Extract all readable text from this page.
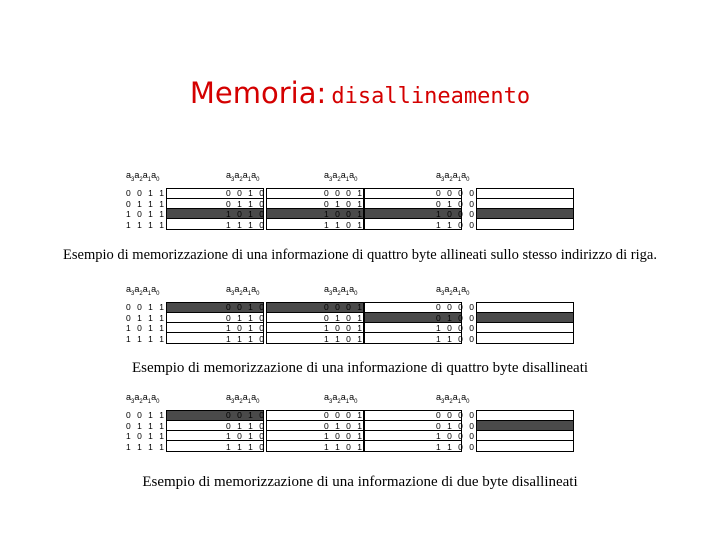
Memoria: disallineamento
$a_3a_2a_1a_0$
0 0 1 1
0 1 1 1
1 0 1 1
1 1 1 1
$a_3a_2a_1a_0$
0 0 1 0
0 1 1 0
1 0 1 0
1 1 1 0
$a_3a_2a_1a_0$
0 0 0 1
0 1 0 1
1 0 0 1
1 1 0 1
$a_3a_2a_1a_0$
0 0 0 0
0 1 0 0
1 0 0 0
1 1 0 0
Esempio di memorizzazione di una informazione di quattro byte allineati sullo stesso indirizzo di riga.
$a_3a_2a_1a_0$
0 0 1 1
0 1 1 1
1 0 1 1
1 1 1 1
$a_3a_2a_1a_0$
0 0 1 0
0 1 1 0
1 0 1 0
1 1 1 0
$a_3a_2a_1a_0$
0 0 0 1
0 1 0 1
1 0 0 1
1 1 0 1
$a_3a_2a_1a_0$
0 0 0 0
0 1 0 0
1 0 0 0
1 1 0 0
Esempio di memorizzazione di una informazione di quattro byte disallineati
$a_3a_2a_1a_0$
0 0 1 1
0 1 1 1
1 0 1 1
1 1 1 1
$a_3a_2a_1a_0$
0 0 1 0
0 1 1 0
1 0 1 0
1 1 1 0
$a_3a_2a_1a_0$
0 0 0 1
0 1 0 1
1 0 0 1
1 1 0 1
$a_3a_2a_1a_0$
0 0 0 0
0 1 0 0
1 0 0 0
1 1 0 0
Esempio di memorizzazione di una informazione di due byte disallineati
